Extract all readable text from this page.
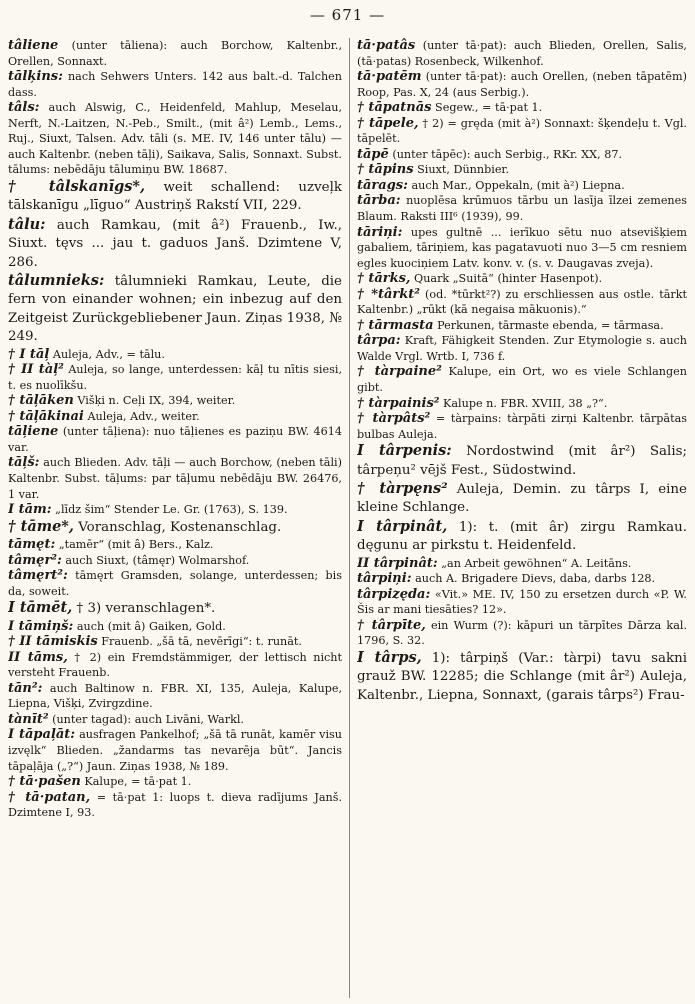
— 671 —

tâliene (unter tāliena): auch Borchow, Kaltenbr., Orellen, Sonnaxt.

tālķins: nach Sehwers Unters. 142 aus balt.-d. Talchen dass.

tâls: auch Alswig, C., Heidenfeld, Mahlup, Meselau, Nerft, N.-Laitzen, N.-Peb., Smilt., (mit â²) Lemb., Lems., Ruj., Siuxt, Talsen. Adv. tāli (s. ME. IV, 146 unter tālu) — auch Kaltenbr. (neben tāļi), Saikava, Salis, Sonnaxt. Subst. tālums: nebēdāju tālumiņu BW. 18687.

† tâlskanīgs*, weit schallend: uzveļk tālskanīgu „līguo“ Austriņš Rakstí VII, 229.

tâlu: auch Ramkau, (mit â²) Frauenb., Iw., Siuxt. tęvs ... jau t. gaduos Janš. Dzimtene V, 286.

tâlumnieks: tâlumnieki Ramkau, Leute, die fern von einander wohnen; ein inbezug auf den Zeitgeist Zurückgebliebener Jaun. Ziņas 1938, № 249.

† I tāļ Auleja, Adv., = tālu.

† II tàļ² Auleja, so lange, unterdessen: kāļ tu nītis siesi, t. es nuolīkšu.

† tāļāken Višķi n. Ceļi IX, 394, weiter.

† tāļākinai Auleja, Adv., weiter.

tāļiene (unter tāļiena): nuo tāļienes es paziņu BW. 4614 var.

tāļš: auch Blieden. Adv. tāļi — auch Borchow, (neben tāli) Kaltenbr. Subst. tāļums: par tāļumu nebēdāju BW. 26476, 1 var.

I tām: „līdz šim“ Stender Le. Gr. (1763), S. 139.

† tāme*, Voranschlag, Kostenanschlag.

tāmęt: „tamēr“ (mit â) Bers., Kalz.

tâmęr²: auch Siuxt, (tâmęr) Wolmarshof.

tâmęrt²: tāmęrt Gramsden, solange, unterdessen; bis da, soweit.

I tāmēt, † 3) veranschlagen*.

I tāmiņš: auch (mit â) Gaiken, Gold.

† II tāmiskis Frauenb. „šā tā, nevērīgi“: t. runāt.

II tāms, † 2) ein Fremdstämmiger, der lettisch nicht versteht Frauenb.

tān²: auch Baltinow n. FBR. XI, 135, Auleja, Kalupe, Liepna, Višķi, Zvirgzdine.

tànīt² (unter tagad): auch Livāni, Warkl.

I tāpaļāt: ausfragen Pankelhof; „šā tā runāt, kamēr visu izvęlk“ Blieden. „žandarms tas nevarēja būt“. Jancis tāpaļāja („?“) Jaun. Ziņas 1938, № 189.

† tā·pašen Kalupe, = tā·pat 1.

† tā·patan, = tā·pat 1: luops t. dieva radījums Janš. Dzimtene I, 93.

tā·patâs (unter tā·pat): auch Blieden, Orellen, Salis, (tā·patas) Rosenbeck, Wilkenhof.

tā·patēm (unter tā·pat): auch Orellen, (neben tāpatēm) Roop, Pas. X, 24 (aus Serbig.).

† tāpatnās Segew., = tā·pat 1.

† tāpele, † 2) = gręda (mit à²) Sonnaxt: šķendeļu t. Vgl. tāpelēt.

tāpē (unter tāpēc): auch Serbig., RKr. XX, 87.

† tāpins Siuxt, Dünnbier.

tārags: auch Mar., Oppekaln, (mit à²) Liepna.

tārba: nuoplēsa krūmuos tārbu un lasīja īlzei zemenes Blaum. Raksti III⁶ (1939), 99.

tāriņi: upes gultnē ... ierīkuo sētu nuo atsevišķiem gabaliem, tāriņiem, kas pagatavuoti nuo 3—5 cm resniem egles kuociņiem Latv. konv. v. (s. v. Daugavas zveja).

† tārks, Quark „Suitā“ (hinter Hasenpot).

† *târkt² (od. *tūrkt²?) zu erschliessen aus ostle. tārkt Kaltenbr.) „rūkt (kā negaisa mākuonis).“

† tārmasta Perkunen, tārmaste ebenda, = tārmasa.

târpa: Kraft, Fähigkeit Stenden. Zur Etymologie s. auch Walde Vrgl. Wrtb. I, 736 f.

† tàrpaine² Kalupe, ein Ort, wo es viele Schlangen gibt.

† tàrpainis² Kalupe n. FBR. XVIII, 38 „?“.

† tàrpâts² = tàrpains: tàrpāti zirņi Kaltenbr. tārpātas bulbas Auleja.

I târpenis: Nordostwind (mit âr²) Salis; târpeņu² vējš Fest., Südostwind.

† tàrpęns² Auleja, Demin. zu târps I, eine kleine Schlange.

I târpinât, 1): t. (mit âr) zirgu Ramkau. dęgunu ar pirkstu t. Heidenfeld.

II târpinât: „an Arbeit gewöhnen“ A. Leitāns.

târpiņi: auch A. Brigadere Dievs, daba, darbs 128.

târpizęda: «Vit.» ME. IV, 150 zu ersetzen durch «P. W. Šis ar mani tiesāties? 12».

† târpīte, ein Wurm (?): kāpuri un tārpītes Dārza kal. 1796, S. 32.

I târps, 1): târpiņš (Var.: tàrpi) tavu sakni grauž BW. 12285; die Schlange (mit âr²) Auleja, Kaltenbr., Liepna, Sonnaxt, (garais târps²) Frau-
